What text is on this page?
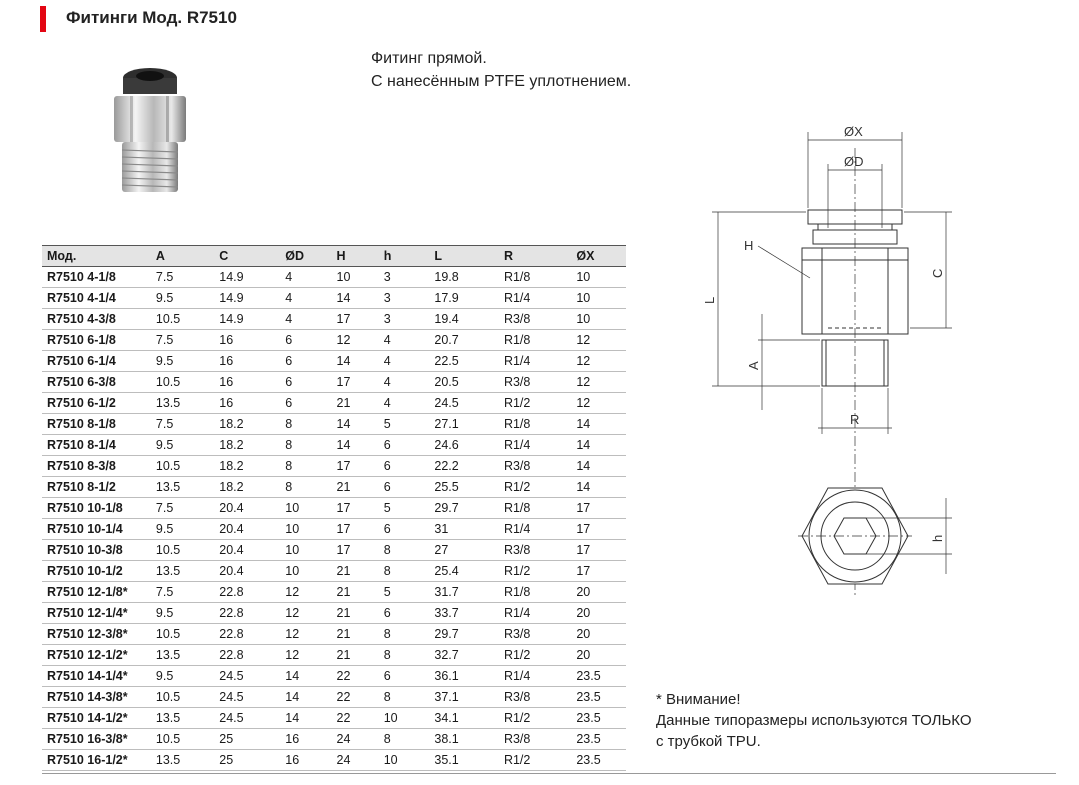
Фитинги Мод. R7510
Фитинг прямой.
С нанесённым PTFE уплотнением.
Мод.	A	C	ØD	H	h	L	R	ØX
R7510 4-1/8	7.5	14.9	4	10	3	19.8	R1/8	10
R7510 4-1/4	9.5	14.9	4	14	3	17.9	R1/4	10
R7510 4-3/8	10.5	14.9	4	17	3	19.4	R3/8	10
R7510 6-1/8	7.5	16	6	12	4	20.7	R1/8	12
R7510 6-1/4	9.5	16	6	14	4	22.5	R1/4	12
R7510 6-3/8	10.5	16	6	17	4	20.5	R3/8	12
R7510 6-1/2	13.5	16	6	21	4	24.5	R1/2	12
R7510 8-1/8	7.5	18.2	8	14	5	27.1	R1/8	14
R7510 8-1/4	9.5	18.2	8	14	6	24.6	R1/4	14
R7510 8-3/8	10.5	18.2	8	17	6	22.2	R3/8	14
R7510 8-1/2	13.5	18.2	8	21	6	25.5	R1/2	14
R7510 10-1/8	7.5	20.4	10	17	5	29.7	R1/8	17
R7510 10-1/4	9.5	20.4	10	17	6	31	R1/4	17
R7510 10-3/8	10.5	20.4	10	17	8	27	R3/8	17
R7510 10-1/2	13.5	20.4	10	21	8	25.4	R1/2	17
R7510 12-1/8*	7.5	22.8	12	21	5	31.7	R1/8	20
R7510 12-1/4*	9.5	22.8	12	21	6	33.7	R1/4	20
R7510 12-3/8*	10.5	22.8	12	21	8	29.7	R3/8	20
R7510 12-1/2*	13.5	22.8	12	21	8	32.7	R1/2	20
R7510 14-1/4*	9.5	24.5	14	22	6	36.1	R1/4	23.5
R7510 14-3/8*	10.5	24.5	14	22	8	37.1	R3/8	23.5
R7510 14-1/2*	13.5	24.5	14	22	10	34.1	R1/2	23.5
R7510 16-3/8*	10.5	25	16	24	8	38.1	R3/8	23.5
R7510 16-1/2*	13.5	25	16	24	10	35.1	R1/2	23.5
ØX
ØD
H
C
L
A
R
h
* Внимание!
Данные типоразмеры используются ТОЛЬКО
с трубкой TPU.
